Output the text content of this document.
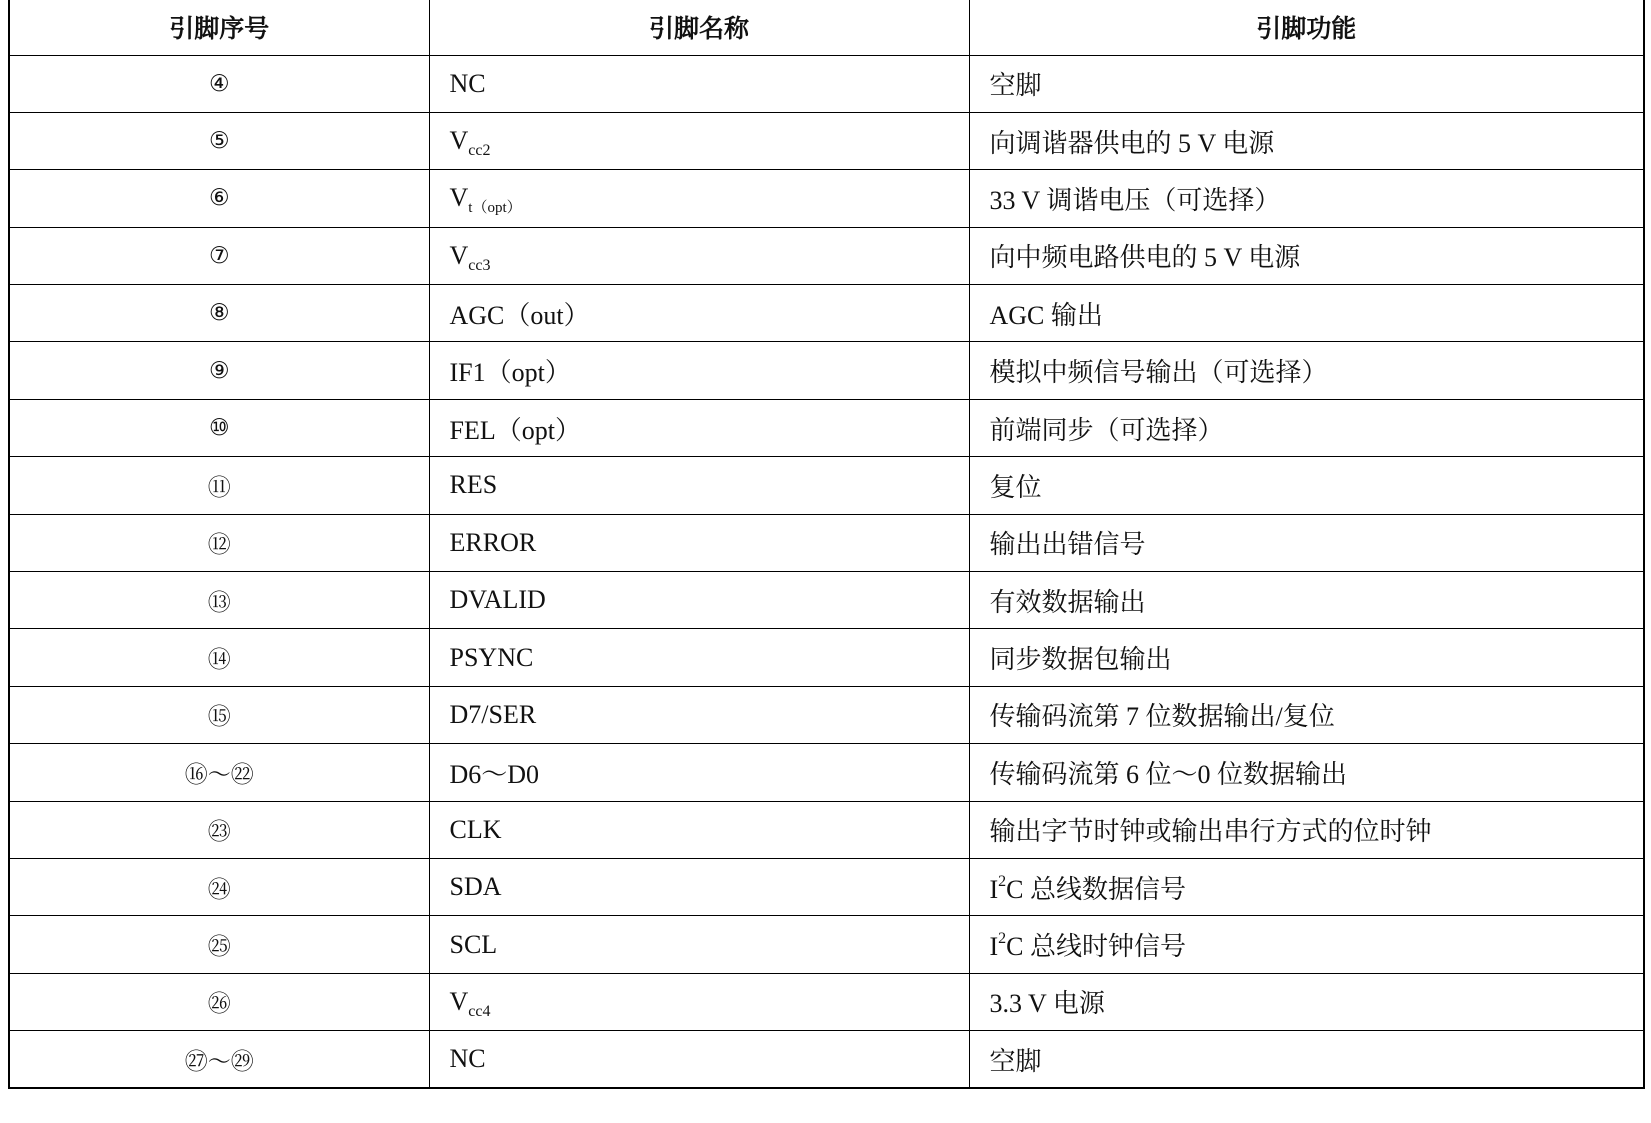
引脚序号	引脚名称	引脚功能
④	NC	空脚
⑤	$V_{cc2}$	向调谐器供电的 5 V 电源
⑥	$V_{t(opt)}$	33 V 调谐电压（可选择）
⑦	$V_{cc3}$	向中频电路供电的 5 V 电源
⑧	AGC（out）	AGC 输出
⑨	IF1（opt）	模拟中频信号输出（可选择）
⑩	FEL（opt）	前端同步（可选择）
⑪	RES	复位
⑫	ERROR	输出出错信号
⑬	DVALID	有效数据输出
⑭	PSYNC	同步数据包输出
⑮	D7/SER	传输码流第 7 位数据输出/复位
⑯～㉒	D6～D0	传输码流第 6 位～0 位数据输出
㉓	CLK	输出字节时钟或输出串行方式的位时钟
㉔	SDA	$I^2C$ 总线数据信号
㉕	SCL	$I^2C$ 总线时钟信号
㉖	$V_{cc4}$	3.3 V 电源
㉗～㉙	NC	空脚
